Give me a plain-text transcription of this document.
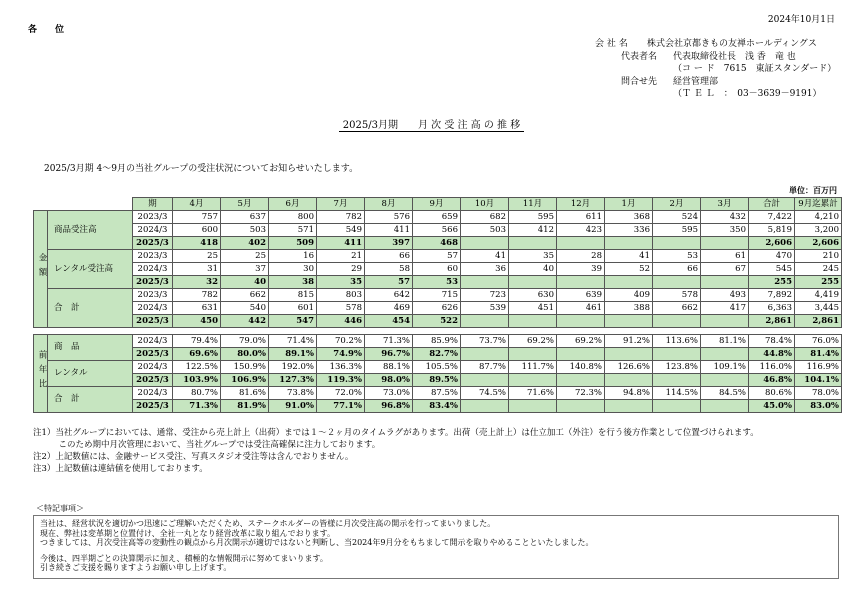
各　　位
2024年10月1日
会 社 名	株式会社京都きもの友禅ホールディングス
代表者名	代表取締役社長　浅 香　竜 也
（コ ー ド　7615　東証スタンダード）
問合せ先	経営管理部
（Ｔ Ｅ Ｌ　：　03－3639－9191）
2025/3月期　　月 次 受 注 高 の 推 移
2025/3月期 4～9月の当社グループの受注状況についてお知らせいたします。
単位：百万円
		期	4月	5月	6月	7月	8月	9月	10月	11月	12月	1月	2月	3月	合計	9月迄累計
金額	商品受注高	2023/3	757	637	800	782	576	659	682	595	611	368	524	432	7,422	4,210
		2024/3	600	503	571	549	411	566	503	412	423	336	595	350	5,819	3,200
		2025/3	418	402	509	411	397	468							2,606	2,606
	レンタル受注高	2023/3	25	25	16	21	66	57	41	35	28	41	53	61	470	210
		2024/3	31	37	30	29	58	60	36	40	39	52	66	67	545	245
		2025/3	32	40	38	35	57	53							255	255
	合　計	2023/3	782	662	815	803	642	715	723	630	639	409	578	493	7,892	4,419
		2024/3	631	540	601	578	469	626	539	451	461	388	662	417	6,363	3,445
		2025/3	450	442	547	446	454	522							2,861	2,861

前年比	商　品	2024/3	79.4%	79.0%	71.4%	70.2%	71.3%	85.9%	73.7%	69.2%	69.2%	91.2%	113.6%	81.1%	78.4%	76.0%
		2025/3	69.6%	80.0%	89.1%	74.9%	96.7%	82.7%							44.8%	81.4%
	レンタル	2024/3	122.5%	150.9%	192.0%	136.3%	88.1%	105.5%	87.7%	111.7%	140.8%	126.6%	123.8%	109.1%	116.0%	116.9%
		2025/3	103.9%	106.9%	127.3%	119.3%	98.0%	89.5%							46.8%	104.1%
	合　計	2024/3	80.7%	81.6%	73.8%	72.0%	73.0%	87.5%	74.5%	71.6%	72.3%	94.8%	114.5%	84.5%	80.6%	78.0%
		2025/3	71.3%	81.9%	91.0%	77.1%	96.8%	83.4%							45.0%	83.0%
注1）当社グループにおいては、通常、受注から売上計上（出荷）までは１～２ヶ月のタイムラグがあります。出荷（売上計上）は仕立加工（外注）を行う後方作業として位置づけられます。
　　　このため期中月次管理において、当社グループでは受注高確保に注力しております。
注2）上記数値には、金融サービス受注、写真スタジオ受注等は含んでおりません。
注3）上記数値は連結値を使用しております。
＜特記事項＞
当社は、経営状況を適切かつ迅速にご理解いただくため、ステークホルダーの皆様に月次受注高の開示を行ってまいりました。
現在、弊社は変革期と位置付け、全社一丸となり経営改革に取り組んでおります。
つきましては、月次受注高等の変動性の観点から月次開示が適切ではないと判断し、当2024年9月分をもちまして開示を取りやめることといたしました。
今後は、四半期ごとの決算開示に加え、積極的な情報開示に努めてまいります。
引き続きご支援を賜りますようお願い申し上げます。
